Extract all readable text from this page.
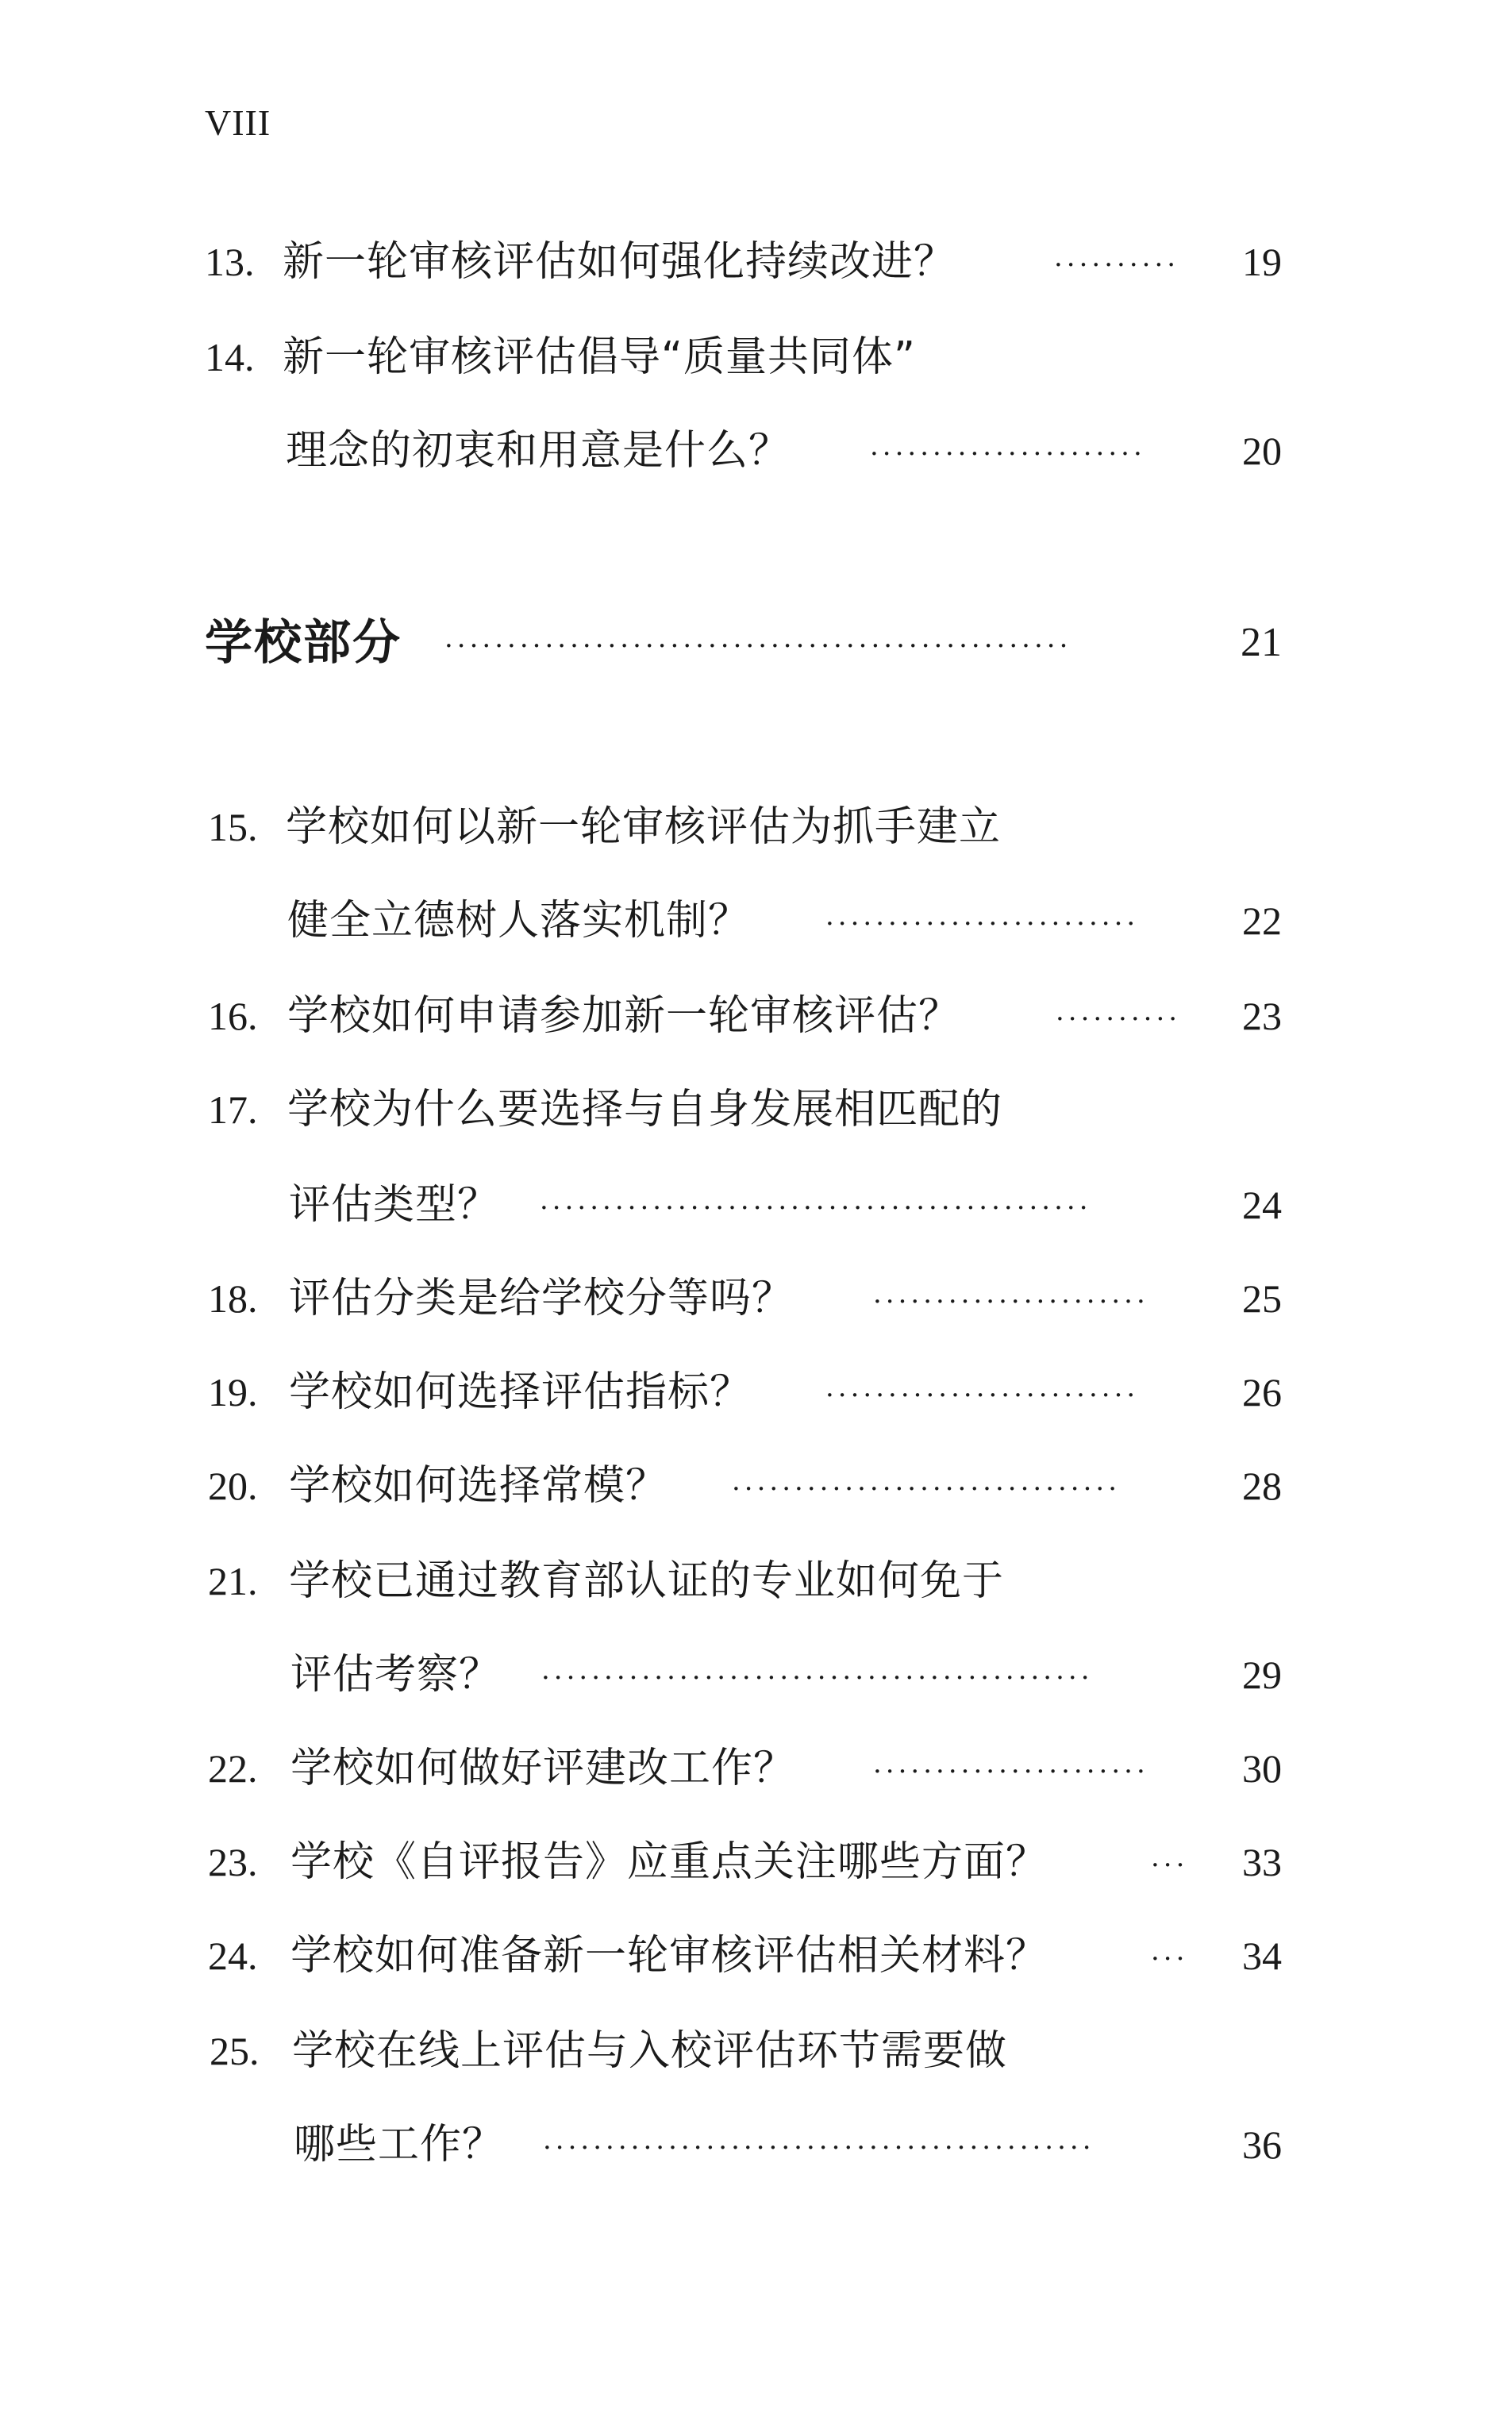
VIII
13. 新一轮审核评估如何强化持续改进？	··········	19
14. 新一轮审核评估倡导“质量共同体”
理念的初衷和用意是什么？	······················	20
学校部分 ··················································	21
15. 学校如何以新一轮审核评估为抓手建立
健全立德树人落实机制？	·························	22
16. 学校如何申请参加新一轮审核评估？	··········	23
17. 学校为什么要选择与自身发展相匹配的
评估类型？ ············································	24
18. 评估分类是给学校分等吗？	······················	25
19. 学校如何选择评估指标？	·························	26
20. 学校如何选择常模？ ·······························	28
21. 学校已通过教育部认证的专业如何免于
评估考察？ ············································	29
22. 学校如何做好评建改工作？	······················	30
23. 学校《自评报告》应重点关注哪些方面？	··· 33
24. 学校如何准备新一轮审核评估相关材料？	··· 34
25. 学校在线上评估与入校评估环节需要做
哪些工作？ ············································	36
